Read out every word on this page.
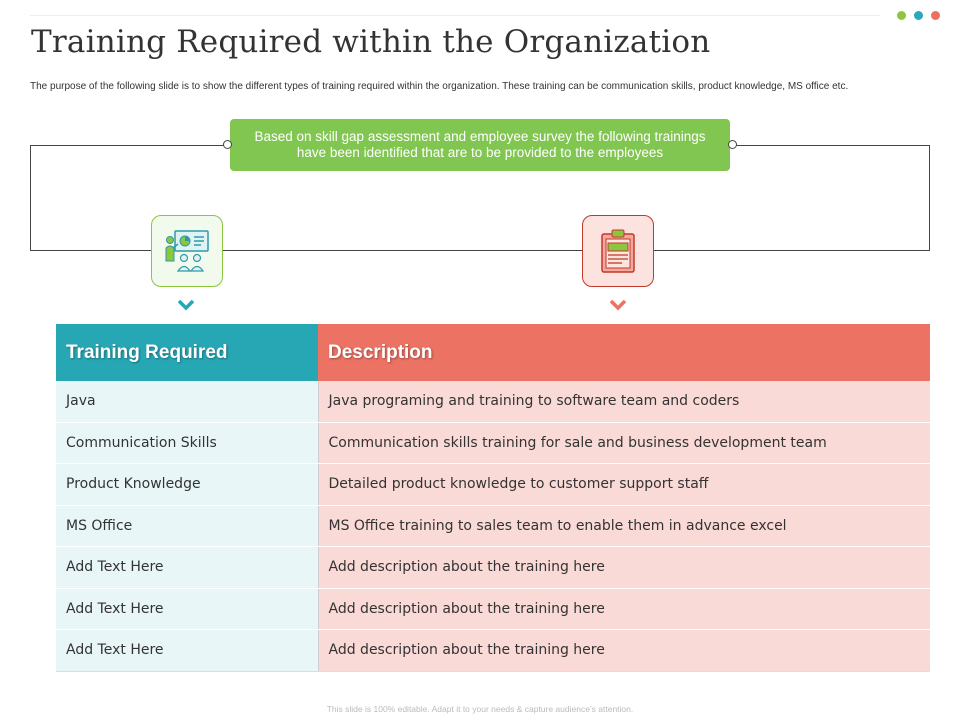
Training Required within the Organization
The purpose of the following slide is to show the different types of training required within the organization. These training can be communication skills, product knowledge, MS office etc.
Based on skill gap assessment and employee survey the following trainings have been identified that are to be provided to the employees
Training Required	Description
Java	Java programing and training to software team and coders
Communication Skills	Communication skills training for sale and business development team
Product Knowledge	Detailed product knowledge to customer support staff
MS Office	MS Office training to sales team to enable them in advance excel
Add Text Here	Add description about the training here
Add Text Here	Add description about the training here
Add Text Here	Add description about the training here
This slide is 100% editable. Adapt it to your needs & capture audience’s attention.
